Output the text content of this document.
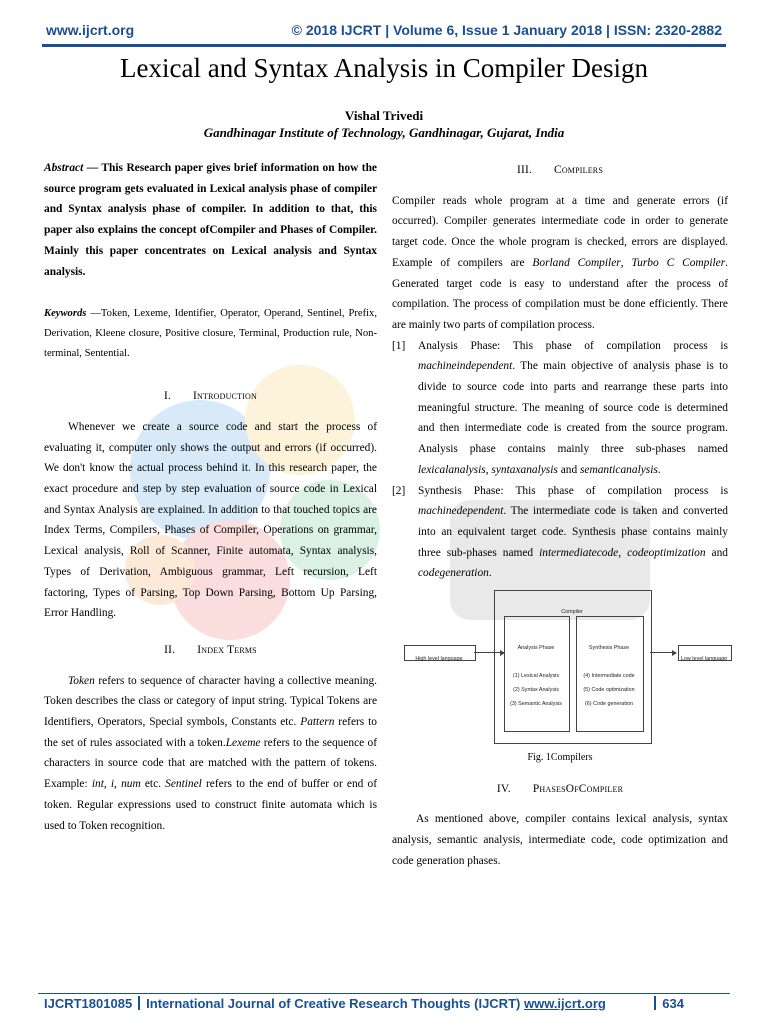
www.ijcrt.org	© 2018 IJCRT | Volume 6, Issue 1 January 2018 | ISSN: 2320-2882
Lexical and Syntax Analysis in Compiler Design
Vishal Trivedi
Gandhinagar Institute of Technology, Gandhinagar, Gujarat, India

Abstract — This Research paper gives brief information on how the source program gets evaluated in Lexical analysis phase of compiler and Syntax analysis phase of compiler. In addition to that, this paper also explains the concept ofCompiler and Phases of Compiler. Mainly this paper concentrates on Lexical analysis and Syntax analysis.

Keywords —Token, Lexeme, Identifier, Operator, Operand, Sentinel, Prefix, Derivation, Kleene closure, Positive closure, Terminal, Production rule, Non-terminal, Sentential.

I. Introduction

Whenever we create a source code and start the process of evaluating it, computer only shows the output and errors (if occurred). We don't know the actual process behind it. In this research paper, the exact procedure and step by step evaluation of source code in Lexical and Syntax Analysis are explained. In addition to that touched topics are Index Terms, Compilers, Phases of Compiler, Operations on grammar, Lexical analysis, Roll of Scanner, Finite automata, Syntax analysis, Types of Derivation, Ambiguous grammar, Left recursion, Left factoring, Types of Parsing, Top Down Parsing, Bottom Up Parsing, Error Handling.

II. Index Terms

Token refers to sequence of character having a collective meaning. Token describes the class or category of input string. Typical Tokens are Identifiers, Operators, Special symbols, Constants etc. Pattern refers to the set of rules associated with a token.Lexeme refers to the sequence of characters in source code that are matched with the pattern of tokens. Example: int, i, num etc. Sentinel refers to the end of buffer or end of token. Regular expressions used to construct finite automata which is used to Token recognition.

III. Compilers

Compiler reads whole program at a time and generate errors (if occurred). Compiler generates intermediate code in order to generate target code. Once the whole program is checked, errors are displayed. Example of compilers are Borland Compiler, Turbo C Compiler. Generated target code is easy to understand after the process of compilation. The process of compilation must be done efficiently. There are mainly two parts of compilation process.

[1] Analysis Phase: This phase of compilation process is machineindependent. The main objective of analysis phase is to divide to source code into parts and rearrange these parts into meaningful structure. The meaning of source code is determined and then intermediate code is created from the source program. Analysis phase contains mainly three sub-phases named lexicalanalysis, syntaxanalysis and semanticanalysis.
[2] Synthesis Phase: This phase of compilation process is machinedependent. The intermediate code is taken and converted into an equivalent target code. Synthesis phase contains mainly three sub-phases named intermediatecode, codeoptimization and codegeneration.
Compiler
High level language
Analysis Phase
(1) Lexical Analysis
(2) Syntax Analysis
(3) Semantic Analysis
Synthesis Phase
(4) Intermediate code
(5) Code optimization
(6) Code generation
Low level language
Fig. 1Compilers

IV. PhasesOfCompiler

As mentioned above, compiler contains lexical analysis, syntax analysis, semantic analysis, intermediate code, code optimization and code generation phases.

IJCRT1801085 International Journal of Creative Research Thoughts (IJCRT) www.ijcrt.org	634
